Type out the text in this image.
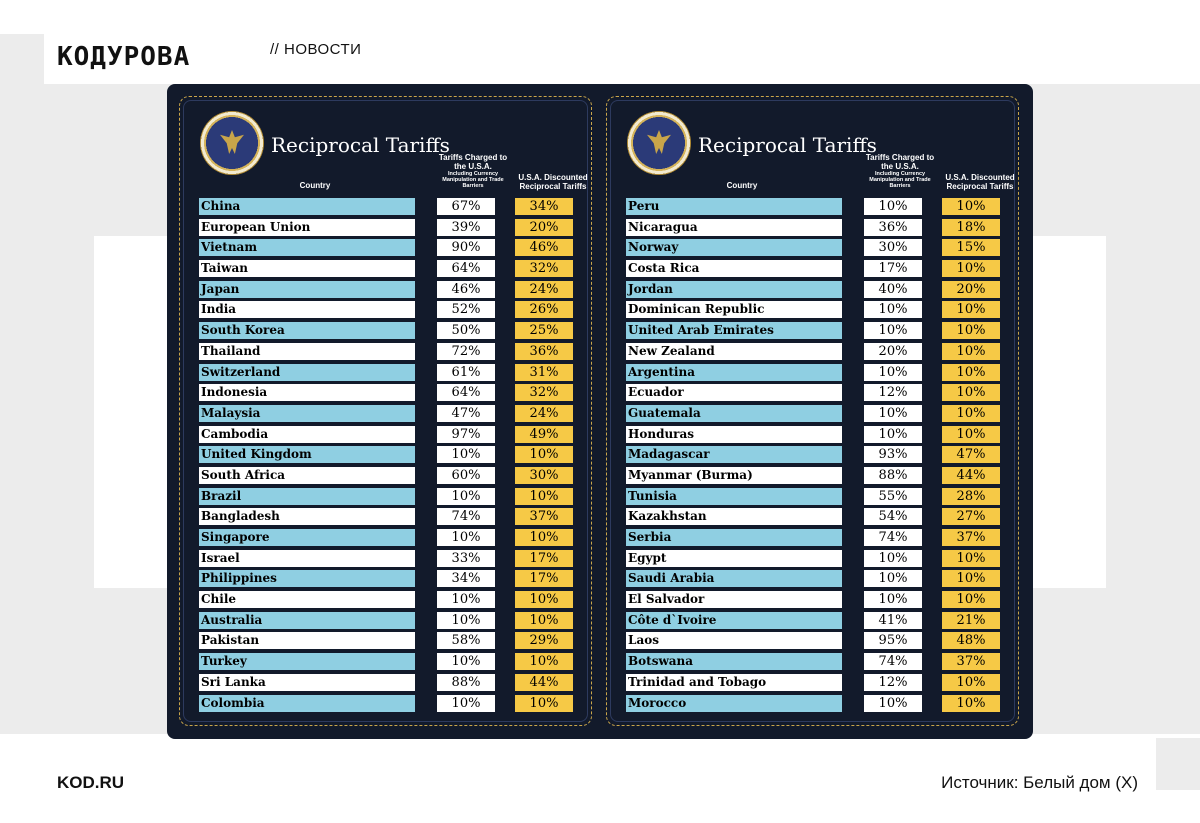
КОДУРОВА	// НОВОСТИ
Reciprocal Tariffs
Country
Tariffs Charged to the U.S.A.
Including Currency Manipulation and Trade Barriers
U.S.A. Discounted Reciprocal Tariffs
China	67%	34%
European Union	39%	20%
Vietnam	90%	46%
Taiwan	64%	32%
Japan	46%	24%
India	52%	26%
South Korea	50%	25%
Thailand	72%	36%
Switzerland	61%	31%
Indonesia	64%	32%
Malaysia	47%	24%
Cambodia	97%	49%
United Kingdom	10%	10%
South Africa	60%	30%
Brazil	10%	10%
Bangladesh	74%	37%
Singapore	10%	10%
Israel	33%	17%
Philippines	34%	17%
Chile	10%	10%
Australia	10%	10%
Pakistan	58%	29%
Turkey	10%	10%
Sri Lanka	88%	44%
Colombia	10%	10%
Reciprocal Tariffs
Country
Tariffs Charged to the U.S.A.
Including Currency Manipulation and Trade Barriers
U.S.A. Discounted Reciprocal Tariffs
Peru	10%	10%
Nicaragua	36%	18%
Norway	30%	15%
Costa Rica	17%	10%
Jordan	40%	20%
Dominican Republic	10%	10%
United Arab Emirates	10%	10%
New Zealand	20%	10%
Argentina	10%	10%
Ecuador	12%	10%
Guatemala	10%	10%
Honduras	10%	10%
Madagascar	93%	47%
Myanmar (Burma)	88%	44%
Tunisia	55%	28%
Kazakhstan	54%	27%
Serbia	74%	37%
Egypt	10%	10%
Saudi Arabia	10%	10%
El Salvador	10%	10%
Côte d`Ivoire	41%	21%
Laos	95%	48%
Botswana	74%	37%
Trinidad and Tobago	12%	10%
Morocco	10%	10%
KOD.RU	Источник: Белый дом (X)
